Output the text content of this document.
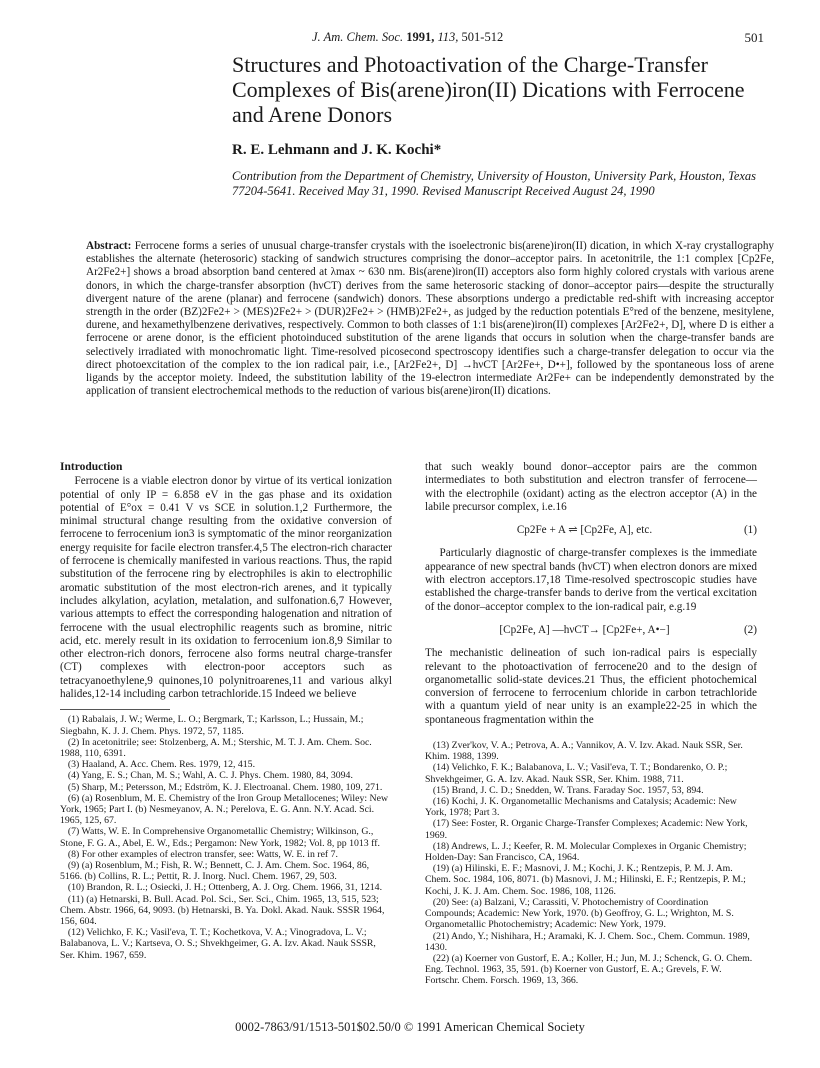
J. Am. Chem. Soc. 1991, 113, 501-512	501
Structures and Photoactivation of the Charge-Transfer Complexes of Bis(arene)iron(II) Dications with Ferrocene and Arene Donors
R. E. Lehmann and J. K. Kochi*
Contribution from the Department of Chemistry, University of Houston, University Park, Houston, Texas 77204-5641. Received May 31, 1990. Revised Manuscript Received August 24, 1990
Abstract: Ferrocene forms a series of unusual charge-transfer crystals with the isoelectronic bis(arene)iron(II) dication, in which X-ray crystallography establishes the alternate (heterosoric) stacking of sandwich structures comprising the donor–acceptor pairs. In acetonitrile, the 1:1 complex [Cp2Fe, Ar2Fe2+] shows a broad absorption band centered at λmax ~ 630 nm. Bis(arene)iron(II) acceptors also form highly colored crystals with various arene donors, in which the charge-transfer absorption (hνCT) derives from the same heterosoric stacking of donor–acceptor pairs—despite the structurally divergent nature of the arene (planar) and ferrocene (sandwich) donors. These absorptions undergo a predictable red-shift with increasing acceptor strength in the order (BZ)2Fe2+ > (MES)2Fe2+ > (DUR)2Fe2+ > (HMB)2Fe2+, as judged by the reduction potentials E°red of the benzene, mesitylene, durene, and hexamethylbenzene derivatives, respectively. Common to both classes of 1:1 bis(arene)iron(II) complexes [Ar2Fe2+, D], where D is either a ferrocene or arene donor, is the efficient photoinduced substitution of the arene ligands that occurs in solution when the charge-transfer bands are selectively irradiated with monochromatic light. Time-resolved picosecond spectroscopy identifies such a charge-transfer delegation to occur via the direct photoexcitation of the complex to the ion radical pair, i.e., [Ar2Fe2+, D] →hνCT [Ar2Fe+, D•+], followed by the spontaneous loss of arene ligands by the acceptor moiety. Indeed, the substitution lability of the 19-electron intermediate Ar2Fe+ can be independently demonstrated by the application of transient electrochemical methods to the reduction of various bis(arene)iron(II) dications.
Introduction

Ferrocene is a viable electron donor by virtue of its vertical ionization potential of only IP = 6.858 eV in the gas phase and its oxidation potential of E°ox = 0.41 V vs SCE in solution.1,2 Furthermore, the minimal structural change resulting from the oxidative conversion of ferrocene to ferrocenium ion3 is symptomatic of the minor reorganization energy requisite for facile electron transfer.4,5 The electron-rich character of ferrocene is chemically manifested in various reactions. Thus, the rapid substitution of the ferrocene ring by electrophiles is akin to electrophilic aromatic substitution of the most electron-rich arenes, and it typically includes alkylation, acylation, metalation, and sulfonation.6,7 However, various attempts to effect the corresponding halogenation and nitration of ferrocene with the usual electrophilic reagents such as bromine, nitric acid, etc. merely result in its oxidation to ferrocenium ion.8,9 Similar to other electron-rich donors, ferrocene also forms neutral charge-transfer (CT) complexes with electron-poor acceptors such as tetracyanoethylene,9 quinones,10 polynitroarenes,11 and various alkyl halides,12-14 including carbon tetrachloride.15 Indeed we believe

(1) Rabalais, J. W.; Werme, L. O.; Bergmark, T.; Karlsson, L.; Hussain, M.; Siegbahn, K. J. J. Chem. Phys. 1972, 57, 1185.

(2) In acetonitrile; see: Stolzenberg, A. M.; Stershic, M. T. J. Am. Chem. Soc. 1988, 110, 6391.

(3) Haaland, A. Acc. Chem. Res. 1979, 12, 415.

(4) Yang, E. S.; Chan, M. S.; Wahl, A. C. J. Phys. Chem. 1980, 84, 3094.

(5) Sharp, M.; Petersson, M.; Edström, K. J. Electroanal. Chem. 1980, 109, 271.

(6) (a) Rosenblum, M. E. Chemistry of the Iron Group Metallocenes; Wiley: New York, 1965; Part I. (b) Nesmeyanov, A. N.; Perelova, E. G. Ann. N.Y. Acad. Sci. 1965, 125, 67.

(7) Watts, W. E. In Comprehensive Organometallic Chemistry; Wilkinson, G., Stone, F. G. A., Abel, E. W., Eds.; Pergamon: New York, 1982; Vol. 8, pp 1013 ff.

(8) For other examples of electron transfer, see: Watts, W. E. in ref 7.

(9) (a) Rosenblum, M.; Fish, R. W.; Bennett, C. J. Am. Chem. Soc. 1964, 86, 5166. (b) Collins, R. L.; Pettit, R. J. Inorg. Nucl. Chem. 1967, 29, 503.

(10) Brandon, R. L.; Osiecki, J. H.; Ottenberg, A. J. Org. Chem. 1966, 31, 1214.

(11) (a) Hetnarski, B. Bull. Acad. Pol. Sci., Ser. Sci., Chim. 1965, 13, 515, 523; Chem. Abstr. 1966, 64, 9093. (b) Hetnarski, B. Ya. Dokl. Akad. Nauk. SSSR 1964, 156, 604.

(12) Velichko, F. K.; Vasil'eva, T. T.; Kochetkova, V. A.; Vinogradova, L. V.; Balabanova, L. V.; Kartseva, O. S.; Shvekhgeimer, G. A. Izv. Akad. Nauk SSSR, Ser. Khim. 1967, 659.

that such weakly bound donor–acceptor pairs are the common intermediates to both substitution and electron transfer of ferrocene—with the electrophile (oxidant) acting as the electron acceptor (A) in the labile precursor complex, i.e.16

Cp2Fe + A ⇌ [Cp2Fe, A], etc.	(1)

Particularly diagnostic of charge-transfer complexes is the immediate appearance of new spectral bands (hνCT) when electron donors are mixed with electron acceptors.17,18 Time-resolved spectroscopic studies have established the charge-transfer bands to derive from the vertical excitation of the donor–acceptor complex to the ion-radical pair, e.g.19

[Cp2Fe, A] —hνCT→ [Cp2Fe+, A•−]	(2)

The mechanistic delineation of such ion-radical pairs is especially relevant to the photoactivation of ferrocene20 and to the design of organometallic solid-state devices.21 Thus, the efficient photochemical conversion of ferrocene to ferrocenium chloride in carbon tetrachloride with a quantum yield of near unity is an example22-25 in which the spontaneous fragmentation within the

(13) Zver'kov, V. A.; Petrova, A. A.; Vannikov, A. V. Izv. Akad. Nauk SSR, Ser. Khim. 1988, 1399.

(14) Velichko, F. K.; Balabanova, L. V.; Vasil'eva, T. T.; Bondarenko, O. P.; Shvekhgeimer, G. A. Izv. Akad. Nauk SSR, Ser. Khim. 1988, 711.

(15) Brand, J. C. D.; Snedden, W. Trans. Faraday Soc. 1957, 53, 894.

(16) Kochi, J. K. Organometallic Mechanisms and Catalysis; Academic: New York, 1978; Part 3.

(17) See: Foster, R. Organic Charge-Transfer Complexes; Academic: New York, 1969.

(18) Andrews, L. J.; Keefer, R. M. Molecular Complexes in Organic Chemistry; Holden-Day: San Francisco, CA, 1964.

(19) (a) Hilinski, E. F.; Masnovi, J. M.; Kochi, J. K.; Rentzepis, P. M. J. Am. Chem. Soc. 1984, 106, 8071. (b) Masnovi, J. M.; Hilinski, E. F.; Rentzepis, P. M.; Kochi, J. K. J. Am. Chem. Soc. 1986, 108, 1126.

(20) See: (a) Balzani, V.; Carassiti, V. Photochemistry of Coordination Compounds; Academic: New York, 1970. (b) Geoffroy, G. L.; Wrighton, M. S. Organometallic Photochemistry; Academic: New York, 1979.

(21) Ando, Y.; Nishihara, H.; Aramaki, K. J. Chem. Soc., Chem. Commun. 1989, 1430.

(22) (a) Koerner von Gustorf, E. A.; Koller, H.; Jun, M. J.; Schenck, G. O. Chem. Eng. Technol. 1963, 35, 591. (b) Koerner von Gustorf, E. A.; Grevels, F. W. Fortschr. Chem. Forsch. 1969, 13, 366.

0002-7863/91/1513-501$02.50/0 © 1991 American Chemical Society
